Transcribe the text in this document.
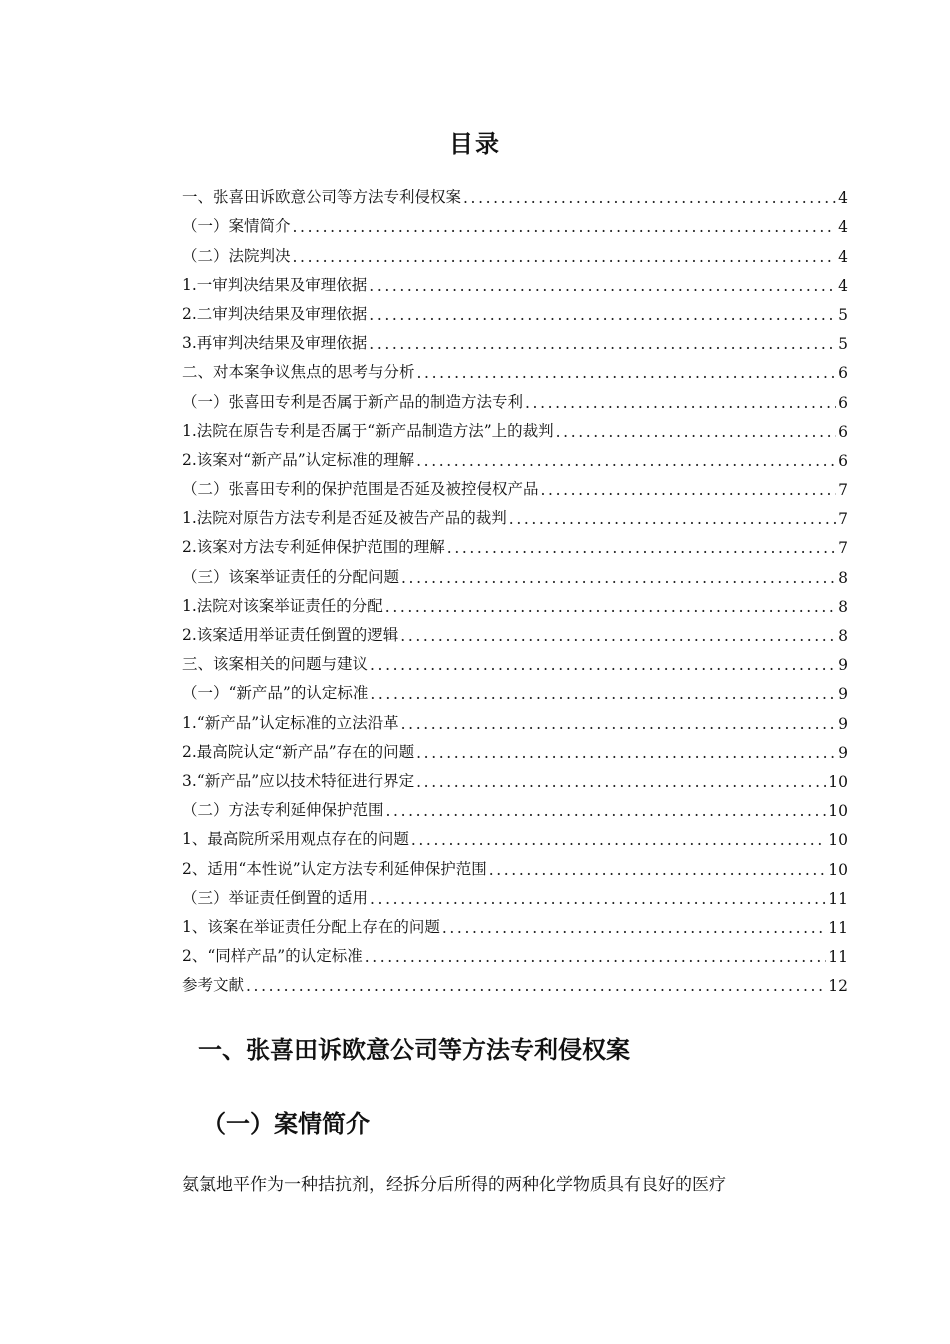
目录
一、张喜田诉欧意公司等方法专利侵权案 .....	4
（一）案情简介 .....	4
（二）法院判决 .....	4
1.一审判决结果及审理依据 .....	4
2.二审判决结果及审理依据 .....	5
3.再审判决结果及审理依据 .....	5
二、对本案争议焦点的思考与分析 .....	6
（一）张喜田专利是否属于新产品的制造方法专利 .....	6
1.法院在原告专利是否属于“新产品制造方法”上的裁判 .....	6
2.该案对“新产品”认定标准的理解 .....	6
（二）张喜田专利的保护范围是否延及被控侵权产品 .....	7
1.法院对原告方法专利是否延及被告产品的裁判 .....	7
2.该案对方法专利延伸保护范围的理解 .....	7
（三）该案举证责任的分配问题 .....	8
1.法院对该案举证责任的分配 .....	8
2.该案适用举证责任倒置的逻辑 .....	8
三、该案相关的问题与建议 .....	9
（一）“新产品”的认定标准 .....	9
1.“新产品”认定标准的立法沿革 .....	9
2.最高院认定“新产品”存在的问题 .....	9
3.“新产品”应以技术特征进行界定 .....	10
（二）方法专利延伸保护范围 .....	10
1、最高院所采用观点存在的问题 .....	10
2、适用“本性说”认定方法专利延伸保护范围 .....	10
（三）举证责任倒置的适用 .....	11
1、该案在举证责任分配上存在的问题 .....	11
2、“同样产品”的认定标准 .....	11
参考文献 .....	12
一、张喜田诉欧意公司等方法专利侵权案
（一）案情简介
氨氯地平作为一种拮抗剂，经拆分后所得的两种化学物质具有良好的医疗
